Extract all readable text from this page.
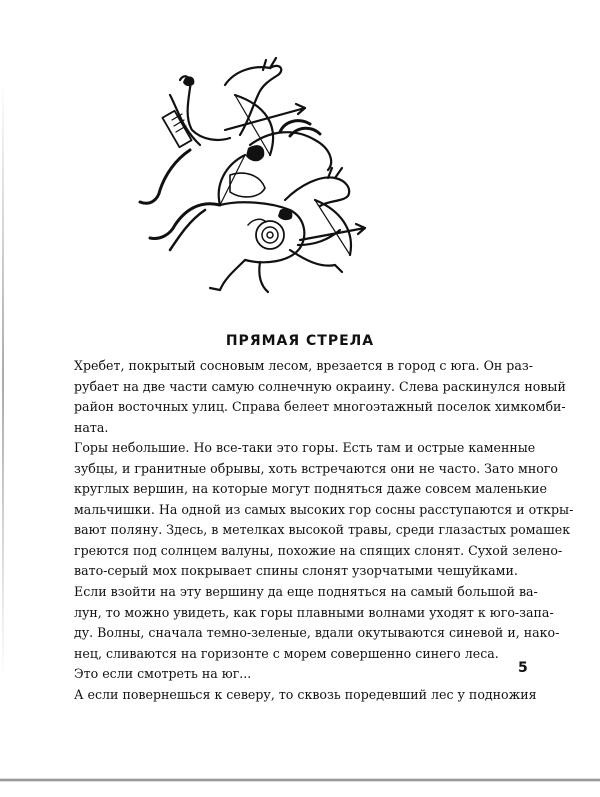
ПРЯМАЯ СТРЕЛА

Хребет, покрытый сосновым лесом, врезается в город с юга. Он раз-
рубает на две части самую солнечную окраину. Слева раскинулся новый
район восточных улиц. Справа белеет многоэтажный поселок химкомби-
ната.

Горы небольшие. Но все-таки это горы. Есть там и острые каменные
зубцы, и гранитные обрывы, хоть встречаются они не часто. Зато много
круглых вершин, на которые могут подняться даже совсем маленькие
мальчишки. На одной из самых высоких гор сосны расступаются и откры-
вают поляну. Здесь, в метелках высокой травы, среди глазастых ромашек
греются под солнцем валуны, похожие на спящих слонят. Сухой зелено-
вато-серый мох покрывает спины слонят узорчатыми чешуйками.

Если взойти на эту вершину да еще подняться на самый большой ва-
лун, то можно увидеть, как горы плавными волнами уходят к юго-запа-
ду. Волны, сначала темно-зеленые, вдали окутываются синевой и, нако-
нец, сливаются на горизонте с морем совершенно синего леса.

Это если смотреть на юг...

А если повернешься к северу, то сквозь поредевший лес у подножия

5
